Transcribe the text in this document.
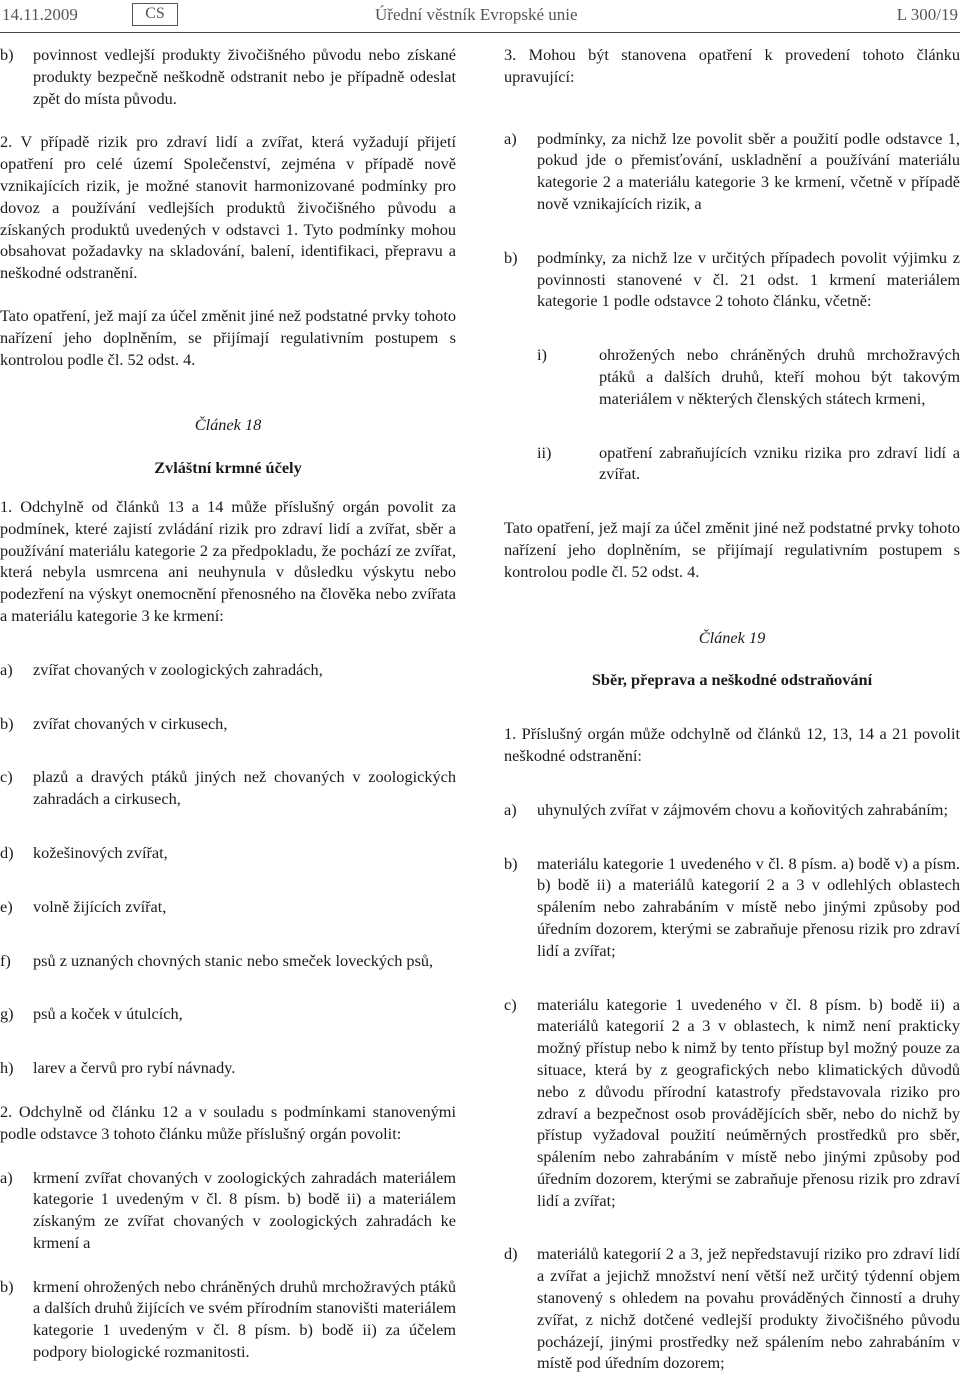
14.11.2009	CS	Úřední věstník Evropské unie	L 300/19
b)	povinnost vedlejší produkty živočišného původu nebo získané produkty bezpečně neškodně odstranit nebo je případně odeslat zpět do místa původu.

2. V případě rizik pro zdraví lidí a zvířat, která vyžadují přijetí opatření pro celé území Společenství, zejména v případě nově vznikajících rizik, je možné stanovit harmonizované podmínky pro dovoz a používání vedlejších produktů živočišného původu a získaných produktů uvedených v odstavci 1. Tyto podmínky mohou obsahovat požadavky na skladování, balení, identifikaci, přepravu a neškodné odstranění.

Tato opatření, jež mají za účel změnit jiné než podstatné prvky tohoto nařízení jeho doplněním, se přijímají regulativním postupem s kontrolou podle čl. 52 odst. 4.

Článek 18
Zvláštní krmné účely

1. Odchylně od článků 13 a 14 může příslušný orgán povolit za podmínek, které zajistí zvládání rizik pro zdraví lidí a zvířat, sběr a používání materiálu kategorie 2 za předpokladu, že pochází ze zvířat, která nebyla usmrcena ani neuhynula v důsledku výskytu nebo podezření na výskyt onemocnění přenosného na člověka nebo zvířata a materiálu kategorie 3 ke krmení:

a)	zvířat chovaných v zoologických zahradách,
b)	zvířat chovaných v cirkusech,
c)	plazů a dravých ptáků jiných než chovaných v zoologických zahradách a cirkusech,
d)	kožešinových zvířat,
e)	volně žijících zvířat,
f)	psů z uznaných chovných stanic nebo smeček loveckých psů,
g)	psů a koček v útulcích,
h)	larev a červů pro rybí návnady.

2. Odchylně od článku 12 a v souladu s podmínkami stanovenými podle odstavce 3 tohoto článku může příslušný orgán povolit:

a)	krmení zvířat chovaných v zoologických zahradách materiálem kategorie 1 uvedeným v čl. 8 písm. b) bodě ii) a materiálem získaným ze zvířat chovaných v zoologických zahradách ke krmení a
b)	krmení ohrožených nebo chráněných druhů mrchožravých ptáků a dalších druhů žijících ve svém přírodním stanovišti materiálem kategorie 1 uvedeným v čl. 8 písm. b) bodě ii) za účelem podpory biologické rozmanitosti.

3. Mohou být stanovena opatření k provedení tohoto článku upravující:

a)	podmínky, za nichž lze povolit sběr a použití podle odstavce 1, pokud jde o přemisťování, uskladnění a používání materiálu kategorie 2 a materiálu kategorie 3 ke krmení, včetně v případě nově vznikajících rizik, a
b)	podmínky, za nichž lze v určitých případech povolit výjimku z povinnosti stanovené v čl. 21 odst. 1 krmení materiálem kategorie 1 podle odstavce 2 tohoto článku, včetně:
i)	ohrožených nebo chráněných druhů mrchožravých ptáků a dalších druhů, kteří mohou být takovým materiálem v některých členských státech krmeni,
ii)	opatření zabraňujících vzniku rizika pro zdraví lidí a zvířat.

Tato opatření, jež mají za účel změnit jiné než podstatné prvky tohoto nařízení jeho doplněním, se přijímají regulativním postupem s kontrolou podle čl. 52 odst. 4.

Článek 19
Sběr, přeprava a neškodné odstraňování

1. Příslušný orgán může odchylně od článků 12, 13, 14 a 21 povolit neškodné odstranění:

a)	uhynulých zvířat v zájmovém chovu a koňovitých zahrabáním;
b)	materiálu kategorie 1 uvedeného v čl. 8 písm. a) bodě v) a písm. b) bodě ii) a materiálů kategorií 2 a 3 v odlehlých oblastech spálením nebo zahrabáním v místě nebo jinými způsoby pod úředním dozorem, kterými se zabraňuje přenosu rizik pro zdraví lidí a zvířat;
c)	materiálu kategorie 1 uvedeného v čl. 8 písm. b) bodě ii) a materiálů kategorií 2 a 3 v oblastech, k nimž není prakticky možný přístup nebo k nimž by tento přístup byl možný pouze za situace, která by z geografických nebo klimatických důvodů nebo z důvodu přírodní katastrofy představovala riziko pro zdraví a bezpečnost osob provádějících sběr, nebo do nichž by přístup vyžadoval použití neúměrných prostředků pro sběr, spálením nebo zahrabáním v místě nebo jinými způsoby pod úředním dozorem, kterými se zabraňuje přenosu rizik pro zdraví lidí a zvířat;
d)	materiálů kategorií 2 a 3, jež nepředstavují riziko pro zdraví lidí a zvířat a jejichž množství není větší než určitý týdenní objem stanovený s ohledem na povahu prováděných činností a druhy zvířat, z nichž dotčené vedlejší produkty živočišného původu pocházejí, jinými prostředky než spálením nebo zahrabáním v místě pod úředním dozorem;
